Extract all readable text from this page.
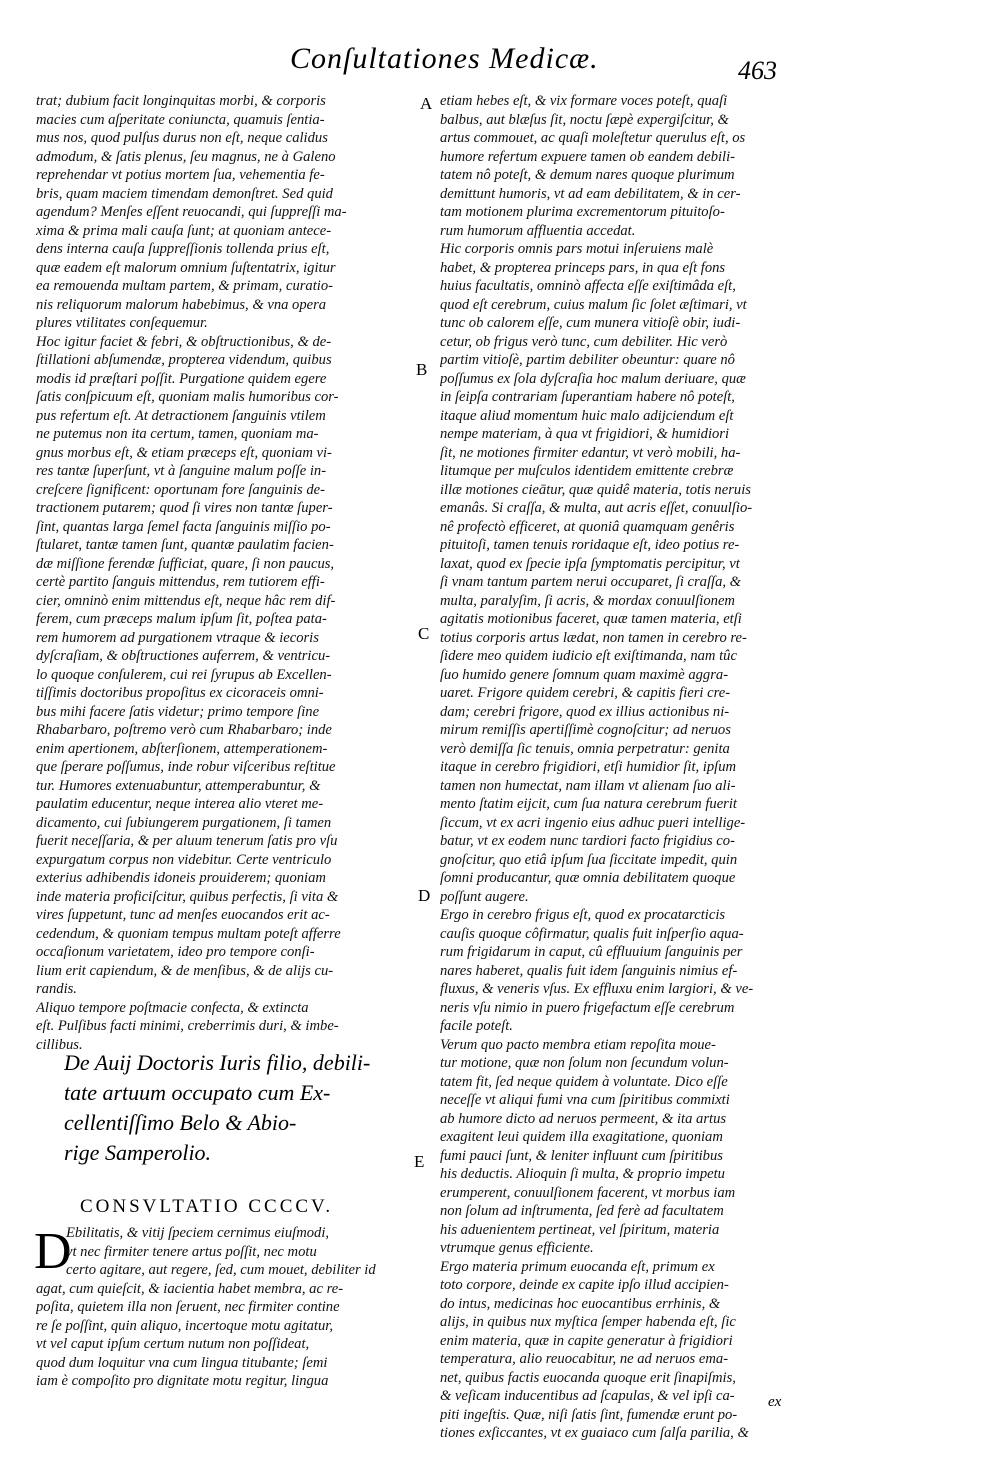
Conſultationes Medicæ.	463
A
B
C
D
E
trat; dubium facit longinquitas morbi, & corporis
macies cum aſperitate coniuncta, quamuis ſentia-
mus nos, quod pulſus durus non eſt, neque calidus
admodum, & ſatis plenus, ſeu magnus, ne à Galeno
reprehendar vt potius mortem ſua, vehementia fe-
bris, quam maciem timendam demonſtret. Sed quid
agendum? Menſes eſſent reuocandi, qui ſuppreſſi ma-
xima & prima mali cauſa ſunt; at quoniam antece-
dens interna cauſa ſuppreſſionis tollenda prius eſt,
quæ eadem eſt malorum omnium ſuſtentatrix, igitur
ea remouenda multam partem, & primam, curatio-
nis reliquorum malorum habebimus, & vna opera
plures vtilitates conſequemur.
Hoc igitur faciet & febri, & obſtructionibus, & de-
ſtillationi abſumendæ, propterea videndum, quibus
modis id præſtari poſſit. Purgatione quidem egere
ſatis conſpicuum eſt, quoniam malis humoribus cor-
pus refertum eſt. At detractionem ſanguinis vtilem
ne putemus non ita certum, tamen, quoniam ma-
gnus morbus eſt, & etiam præceps eſt, quoniam vi-
res tantæ ſuperſunt, vt à ſanguine malum poſſe in-
creſcere ſignificent: oportunam fore ſanguinis de-
tractionem putarem; quod ſi vires non tantæ ſuper-
ſint, quantas larga ſemel facta ſanguinis miſſio po-
ſtularet, tantæ tamen ſunt, quantæ paulatim facien-
dæ miſſione ferendæ ſufficiat, quare, ſi non paucus,
certè partito ſanguis mittendus, rem tutiorem effi-
cier, omninò enim mittendus eſt, neque hâc rem dif-
ferem, cum præceps malum ipſum ſit, poſtea pata-
rem humorem ad purgationem vtraque & iecoris
dyſcraſiam, & obſtructiones auferrem, & ventricu-
lo quoque conſulerem, cui rei ſyrupus ab Excellen-
tiſſimis doctoribus propoſitus ex cicoraceis omni-
bus mihi facere ſatis videtur; primo tempore ſine
Rhabarbaro, poſtremo verò cum Rhabarbaro; inde
enim apertionem, abſterſionem, attemperationem-
que ſperare poſſumus, inde robur viſceribus reſtitue
tur. Humores extenuabuntur, attemperabuntur, &
paulatim educentur, neque interea alio vteret me-
dicamento, cui ſubiungerem purgationem, ſi tamen
fuerit neceſſaria, & per aluum tenerum ſatis pro vſu
expurgatum corpus non videbitur. Certe ventriculo
exterius adhibendis idoneis prouiderem; quoniam
inde materia proficiſcitur, quibus perfectis, ſi vita &
vires ſuppetunt, tunc ad menſes euocandos erit ac-
cedendum, & quoniam tempus multam poteſt afferre
occaſionum varietatem, ideo pro tempore conſi-
lium erit capiendum, & de menſibus, & de alijs cu-
randis.
Aliquo tempore poſtmacie confecta, & extincta
eſt. Pulſibus facti minimi, creberrimis duri, & imbe-
cillibus.
De Auij Doctoris Iuris filio, debili-
tate artuum occupato cum Ex-
cellentiſſimo Belo & Abio-
rige Samperolio.
CONSVLTATIO CCCCV.
D
Ebilitatis, & vitij ſpeciem cernimus eiuſmodi,
vt nec firmiter tenere artus poſſit, nec motu
certo agitare, aut regere, ſed, cum mouet, debiliter id
agat, cum quieſcit, & iacientia habet membra, ac re-
poſita, quietem illa non ſeruent, nec firmiter contine
re ſe poſſint, quin aliquo, incertoque motu agitatur,
vt vel caput ipſum certum nutum non poſſideat,
quod dum loquitur vna cum lingua titubante; ſemi
iam è compoſito pro dignitate motu regitur, lingua
etiam hebes eſt, & vix formare voces poteſt, quaſi
balbus, aut blæſus ſit, noctu ſæpè expergiſcitur, &
artus commouet, ac quaſi moleſtetur querulus eſt, os
humore refertum expuere tamen ob eandem debili-
tatem nô poteſt, & demum nares quoque plurimum
demittunt humoris, vt ad eam debilitatem, & in cer-
tam motionem plurima excrementorum pituitoſo-
rum humorum affluentia accedat.
Hic corporis omnis pars motui inſeruiens malè
habet, & propterea princeps pars, in qua eſt fons
huius facultatis, omninò affecta eſſe exiſtimâda eſt,
quod eſt cerebrum, cuius malum ſic ſolet æſtimari, vt
tunc ob calorem eſſe, cum munera vitioſè obir, iudi-
cetur, ob frigus verò tunc, cum debiliter. Hic verò
partim vitioſè, partim debiliter obeuntur: quare nô
poſſumus ex ſola dyſcraſia hoc malum deriuare, quæ
in ſeipſa contrariam ſuperantiam habere nô poteſt,
itaque aliud momentum huic malo adijciendum eſt
nempe materiam, à qua vt frigidiori, & humidiori
ſit, ne motiones firmiter edantur, vt verò mobili, ha-
litumque per muſculos identidem emittente crebræ
illæ motiones cieātur, quæ quidê materia, totis neruis
emanâs. Si craſſa, & multa, aut acris eſſet, conuulſio-
nê profectò efficeret, at quoniâ quamquam genêris
pituitoſi, tamen tenuis roridaque eſt, ideo potius re-
laxat, quod ex ſpecie ipſa ſymptomatis percipitur, vt
ſi vnam tantum partem nerui occuparet, ſi craſſa, &
multa, paralyſim, ſi acris, & mordax conuulſionem
agitatis motionibus faceret, quæ tamen materia, etſi
totius corporis artus lædat, non tamen in cerebro re-
ſidere meo quidem iudicio eſt exiſtimanda, nam tûc
ſuo humido genere ſomnum quam maximè aggra-
uaret. Frigore quidem cerebri, & capitis fieri cre-
dam; cerebri frigore, quod ex illius actionibus ni-
mirum remiſſis apertiſſimè cognoſcitur; ad neruos
verò demiſſa ſic tenuis, omnia perpetratur: genita
itaque in cerebro frigidiori, etſi humidior ſit, ipſum
tamen non humectat, nam illam vt alienam ſuo ali-
mento ſtatim eijcit, cum ſua natura cerebrum fuerit
ſiccum, vt ex acri ingenio eius adhuc pueri intellige-
batur, vt ex eodem nunc tardiori facto frigidius co-
gnoſcitur, quo etiâ ipſum ſua ſiccitate impedit, quin
ſomni producantur, quæ omnia debilitatem quoque
poſſunt augere.
Ergo in cerebro frigus eſt, quod ex procatarcticis
cauſis quoque côfirmatur, qualis fuit inſperſio aqua-
rum frigidarum in caput, cû effluuium ſanguinis per
nares haberet, qualis fuit idem ſanguinis nimius ef-
fluxus, & veneris vſus. Ex effluxu enim largiori, & ve-
neris vſu nimio in puero frigefactum eſſe cerebrum
facile poteſt.
Verum quo pacto membra etiam repoſita moue-
tur motione, quæ non ſolum non ſecundum volun-
tatem fit, ſed neque quidem à voluntate. Dico eſſe
neceſſe vt aliqui fumi vna cum ſpiritibus commixti
ab humore dicto ad neruos permeent, & ita artus
exagitent leui quidem illa exagitatione, quoniam
fumi pauci ſunt, & leniter influunt cum ſpiritibus
his deductis. Alioquin ſi multa, & proprio impetu
erumperent, conuulſionem facerent, vt morbus iam
non ſolum ad inſtrumenta, ſed ferè ad facultatem
his aduenientem pertineat, vel ſpiritum, materia
vtrumque genus efficiente.
Ergo materia primum euocanda eſt, primum ex
toto corpore, deinde ex capite ipſo illud accipien-
do intus, medicinas hoc euocantibus errhinis, &
alijs, in quibus nux myſtica ſemper habenda eſt, ſic
enim materia, quæ in capite generatur à frigidiori
temperatura, alio reuocabitur, ne ad neruos ema-
net, quibus factis euocanda quoque erit ſinapiſmis,
& veſicam inducentibus ad ſcapulas, & vel ipſi ca-
piti ingeſtis. Quæ, niſi ſatis ſint, fumendæ erunt po-
tiones exſiccantes, vt ex guaiaco cum ſalſa parilia, &
ex
